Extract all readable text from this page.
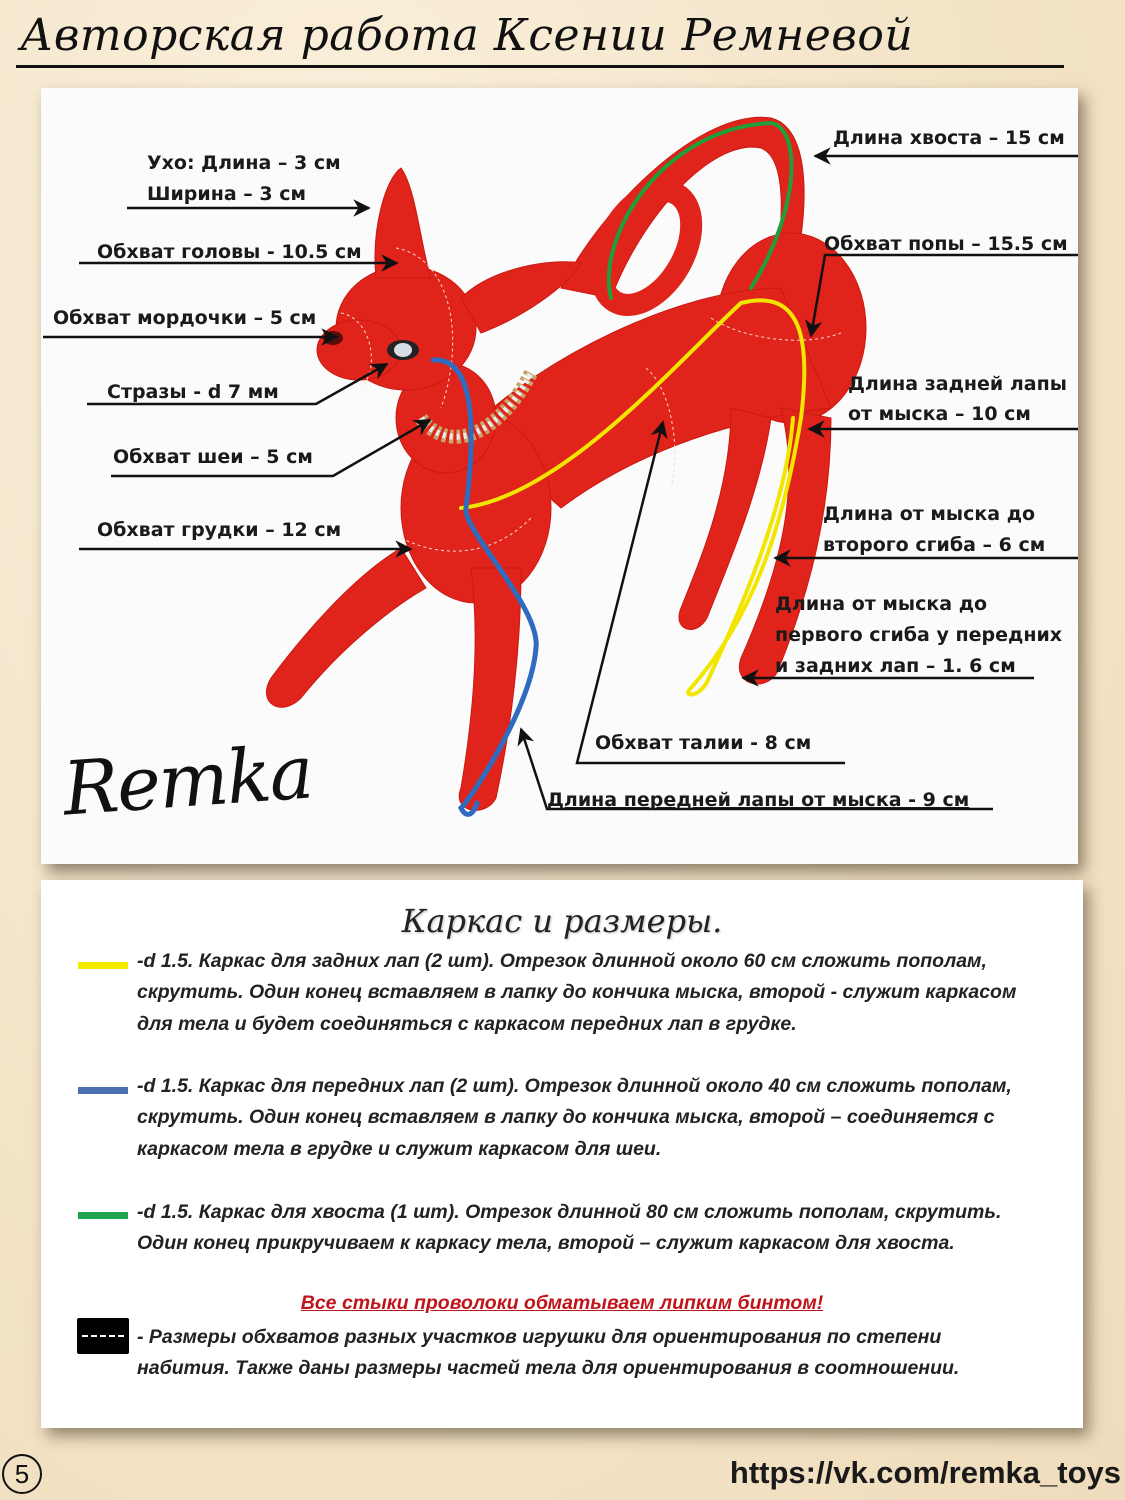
Авторская работа Ксении Ремневой
Ухо: Длина – 3 см
Ширина – 3 см
Обхват головы - 10.5 см
Обхват мордочки – 5 см
Стразы - d 7 мм
Обхват шеи – 5 см
Обхват грудки – 12 см
Длина хвоста – 15 см
Обхват попы – 15.5 см
Длина задней лапы
от мыска – 10 см
Длина от мыска до
второго сгиба – 6 см
Длина от мыска до
первого сгиба у передних
и задних лап – 1. 6 см
Обхват талии - 8 см
Длина передней лапы от мыска - 9 см
Remka
Каркас и размеры.
-d 1.5. Каркас для задних лап (2 шт). Отрезок длинной около 60 см сложить пополам, скрутить. Один конец вставляем в лапку до кончика мыска, второй - служит каркасом для тела и будет соединяться с каркасом передних лап в грудке.
-d 1.5. Каркас для передних лап (2 шт). Отрезок длинной около 40 см сложить пополам, скрутить. Один конец вставляем в лапку до кончика мыска, второй – соединяется с каркасом тела в грудке и служит каркасом для шеи.
-d 1.5. Каркас для хвоста (1 шт). Отрезок длинной 80 см сложить пополам, скрутить. Один конец прикручиваем к каркасу тела, второй – служит каркасом для хвоста.
Все стыки проволоки обматываем липким бинтом!
- Размеры обхватов разных участков игрушки для ориентирования по степени набития. Также даны размеры частей тела для ориентирования в соотношении.
5	https://vk.com/remka_toys
